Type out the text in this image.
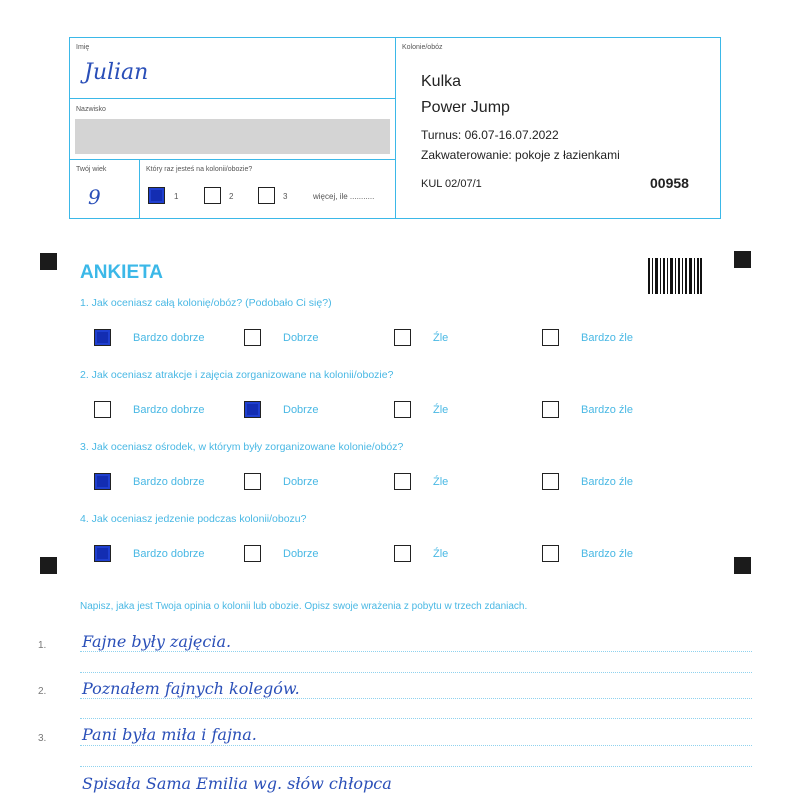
Imię
Julian
Nazwisko
Twój wiek
9
Który raz jesteś na kolonii/obozie?
1	2	3	więcej, ile ...........
Kolonie/obóz
Kulka
Power Jump
Turnus: 06.07-16.07.2022
Zakwaterowanie: pokoje z łazienkami
KUL 02/07/1	00958
ANKIETA
1. Jak oceniasz całą kolonię/obóz? (Podobało Ci się?)
Bardzo dobrze	Dobrze	Źle	Bardzo źle
2. Jak oceniasz atrakcje i zajęcia zorganizowane na kolonii/obozie?
Bardzo dobrze	Dobrze	Źle	Bardzo źle
3. Jak oceniasz ośrodek, w którym były zorganizowane kolonie/obóz?
Bardzo dobrze	Dobrze	Źle	Bardzo źle
4. Jak oceniasz jedzenie podczas kolonii/obozu?
Bardzo dobrze	Dobrze	Źle	Bardzo źle
Napisz, jaka jest Twoja opinia o kolonii lub obozie. Opisz swoje wrażenia z pobytu w trzech zdaniach.
1. Fajne były zajęcia.
2. Poznałem fajnych kolegów.
3. Pani była miła i fajna.
Spisała Sama Emilia wg. słów chłopca
